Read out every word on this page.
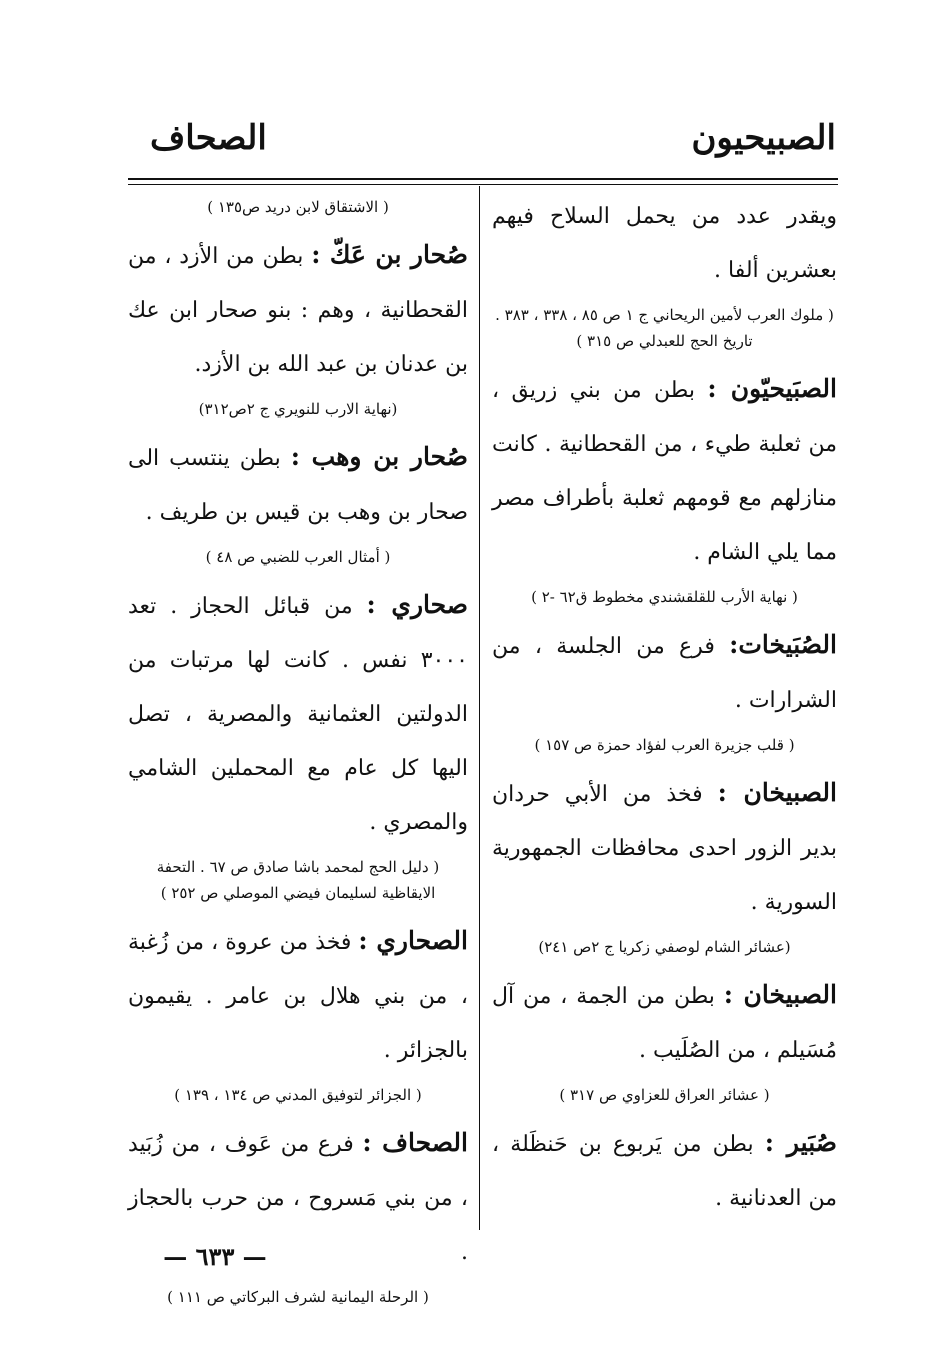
الصبيحيون
الصحاف

ويقدر عدد من يحمل السلاح فيهم بعشرين ألفا .

( ملوك العرب لأمين الريحاني ج ١ ص ٨٥ ، ٣٣٨ ، ٣٨٣ . تاريخ الحج للعبدلي ص ٣١٥ )

الصبَيحيّون : بطن من بني زريق ، من ثعلبة طيء ، من القحطانية . كانت منازلهم مع قومهم ثعلبة بأطراف مصر مما يلي الشام .

( نهاية الأرب للقلقشندي مخطوط ق٦٢ -٢ )

الصُبَيخات: فرع من الجلسة ، من الشرارات .

( قلب جزيرة العرب لفؤاد حمزة ص ١٥٧ )

الصبيخان : فخذ من الأبي حردان بدير الزور احدى محافظات الجمهورية السورية .

(عشائر الشام لوصفي زكريا ج ٢ص ٢٤١)

الصبيخان : بطن من الجمة ، من آل مُسَيلم ، من الصُلَيب .

( عشائر العراق للعزاوي ص ٣١٧ )

صُبَير : بطن من يَربوع بن حَنظَلة ، من العدنانية .

( الاشتقاق لابن دريد ص١٣٥ )

صُحار بن عَكّ : بطن من الأزد ، من القحطانية ، وهم : بنو صحار ابن عك بن عدنان بن عبد الله بن الأزد.

(نهاية الارب للنويري ج ٢ص٣١٢)

صُحار بن وهب : بطن ينتسب الى صحار بن وهب بن قيس بن طريف .

( أمثال العرب للضبي ص ٤٨ )

صحاري : من قبائل الحجاز . تعد ٣٠٠٠ نفس . كانت لها مرتبات من الدولتين العثمانية والمصرية ، تصل اليها كل عام مع المحملين الشامي والمصري .

( دليل الحج لمحمد باشا صادق ص ٦٧ . التحفة الايقاظية لسليمان فيضي الموصلي ص ٢٥٢ )

الصحاري : فخذ من عروة ، من زُغبة ، من بني هلال بن عامر . يقيمون بالجزائر .

( الجزائر لتوفيق المدني ص ١٣٤ ، ١٣٩ )

الصحاف : فرع من عَوف ، من زُبَيد ، من بني مَسروح ، من حرب بالحجاز .

( الرحلة اليمانية لشرف البركاتي ص ١١١ )
— ٦٣٣ —
